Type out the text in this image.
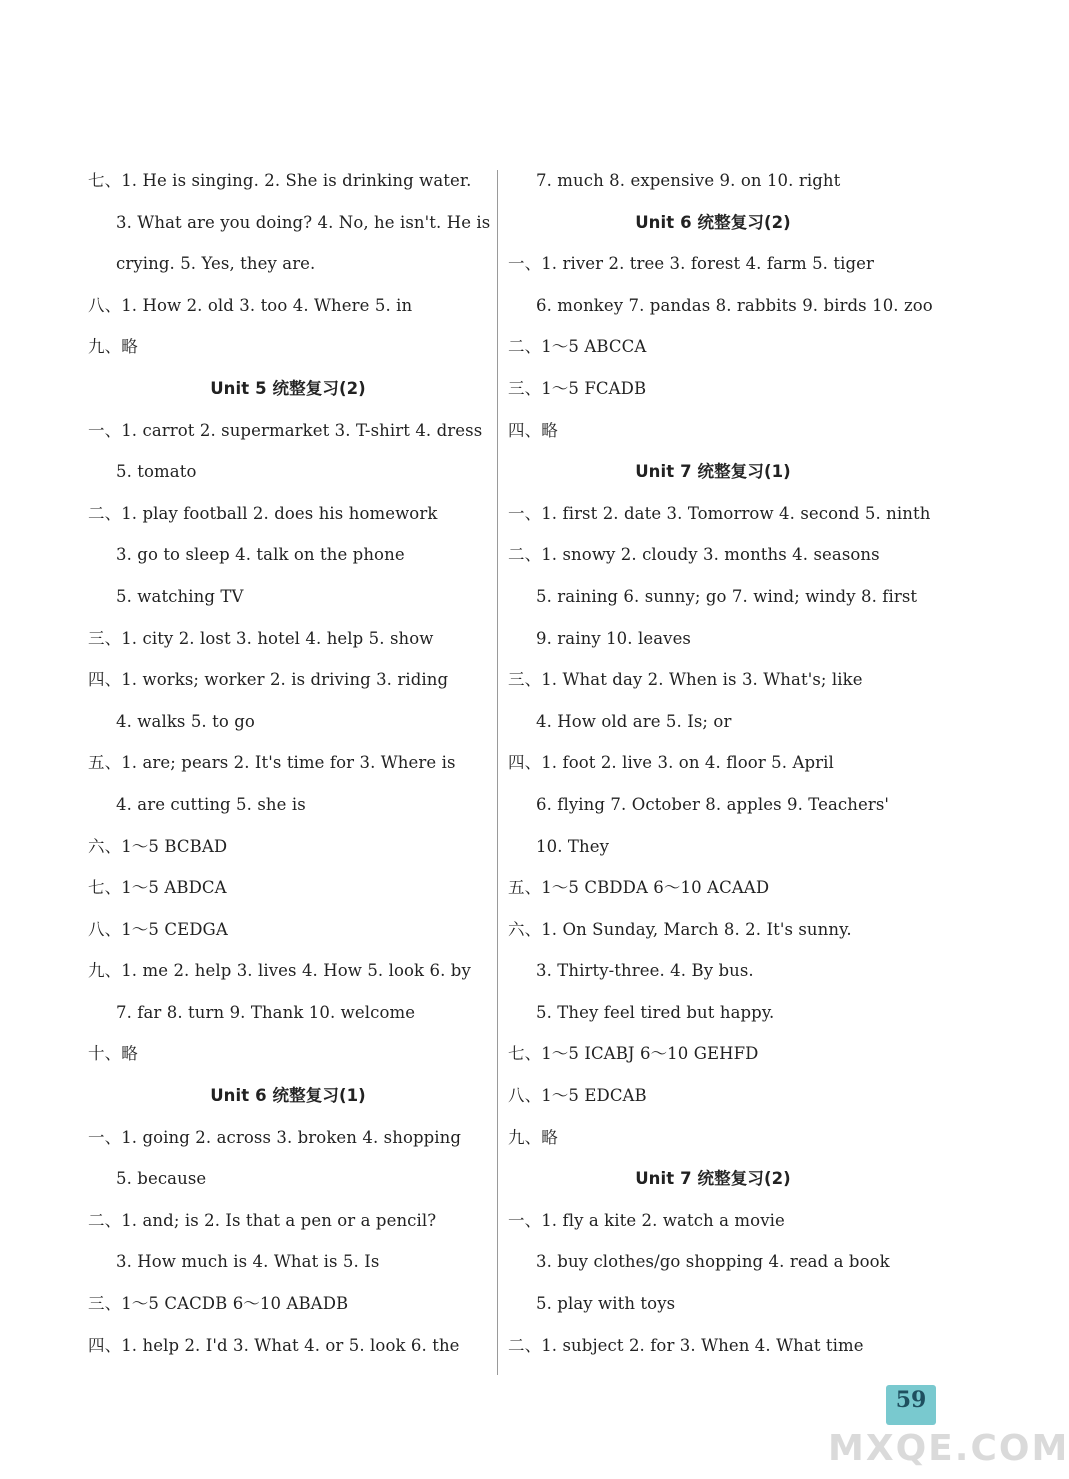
七、1. He is singing. 2. She is drinking water.
3. What are you doing? 4. No, he isn't. He is
crying. 5. Yes, they are.
八、1. How 2. old 3. too 4. Where 5. in
九、略
Unit 5 统整复习(2)
一、1. carrot 2. supermarket 3. T-shirt 4. dress
5. tomato
二、1. play football 2. does his homework
3. go to sleep 4. talk on the phone
5. watching TV
三、1. city 2. lost 3. hotel 4. help 5. show
四、1. works; worker 2. is driving 3. riding
4. walks 5. to go
五、1. are; pears 2. It's time for 3. Where is
4. are cutting 5. she is
六、1～5 BCBAD
七、1～5 ABDCA
八、1～5 CEDGA
九、1. me 2. help 3. lives 4. How 5. look 6. by
7. far 8. turn 9. Thank 10. welcome
十、略
Unit 6 统整复习(1)
一、1. going 2. across 3. broken 4. shopping
5. because
二、1. and; is 2. Is that a pen or a pencil?
3. How much is 4. What is 5. Is
三、1～5 CACDB 6～10 ABADB
四、1. help 2. I'd 3. What 4. or 5. look 6. the
7. much 8. expensive 9. on 10. right
Unit 6 统整复习(2)
一、1. river 2. tree 3. forest 4. farm 5. tiger
6. monkey 7. pandas 8. rabbits 9. birds 10. zoo
二、1～5 ABCCA
三、1～5 FCADB
四、略
Unit 7 统整复习(1)
一、1. first 2. date 3. Tomorrow 4. second 5. ninth
二、1. snowy 2. cloudy 3. months 4. seasons
5. raining 6. sunny; go 7. wind; windy 8. first
9. rainy 10. leaves
三、1. What day 2. When is 3. What's; like
4. How old are 5. Is; or
四、1. foot 2. live 3. on 4. floor 5. April
6. flying 7. October 8. apples 9. Teachers'
10. They
五、1～5 CBDDA 6～10 ACAAD
六、1. On Sunday, March 8. 2. It's sunny.
3. Thirty-three. 4. By bus.
5. They feel tired but happy.
七、1～5 ICABJ 6～10 GEHFD
八、1～5 EDCAB
九、略
Unit 7 统整复习(2)
一、1. fly a kite 2. watch a movie
3. buy clothes/go shopping 4. read a book
5. play with toys
二、1. subject 2. for 3. When 4. What time
59
MXQE.COM
